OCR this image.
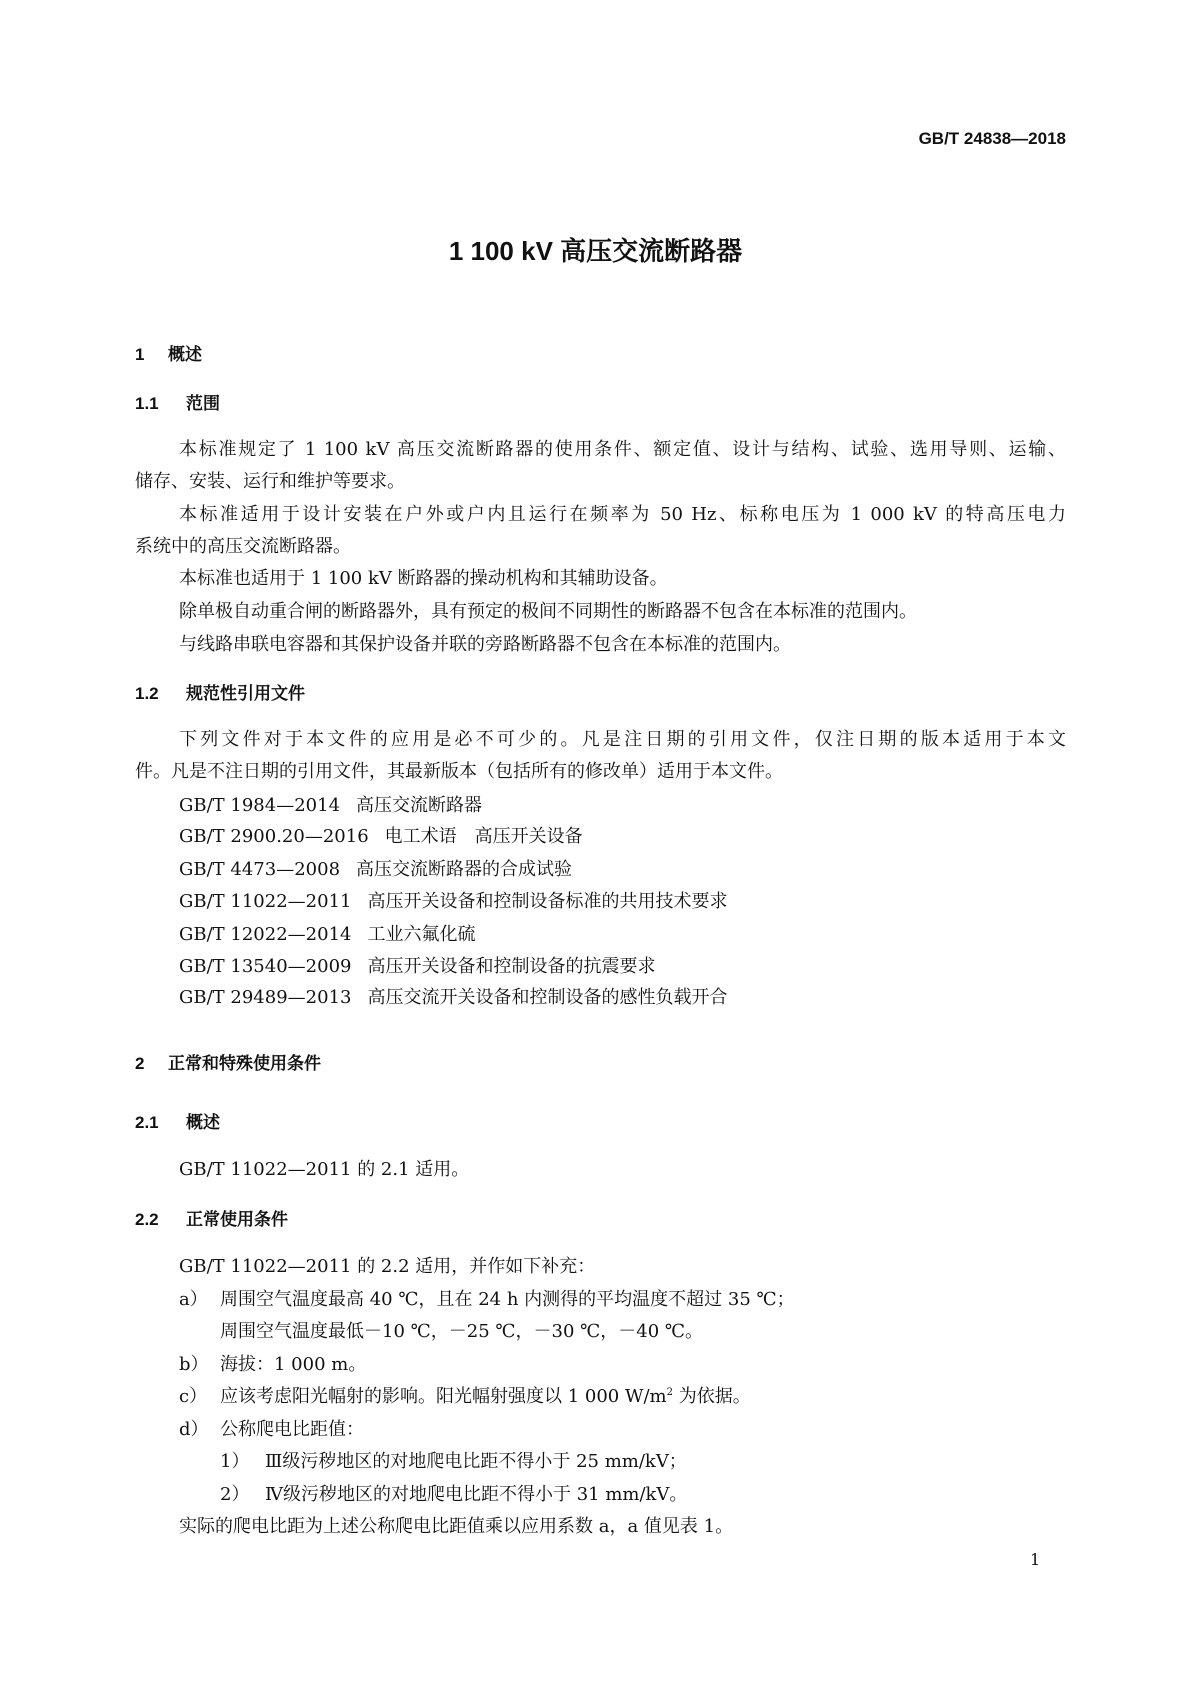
GB/T 24838—2018
1 100 kV 高压交流断路器
1 概述
1.1 范围
本标准规定了 1 100 kV 高压交流断路器的使用条件、额定值、设计与结构、试验、选用导则、运输、
储存、安装、运行和维护等要求。
本标准适用于设计安装在户外或户内且运行在频率为 50 Hz、标称电压为 1 000 kV 的特高压电力
系统中的高压交流断路器。
本标准也适用于 1 100 kV 断路器的操动机构和其辅助设备。
除单极自动重合闸的断路器外，具有预定的极间不同期性的断路器不包含在本标准的范围内。
与线路串联电容器和其保护设备并联的旁路断路器不包含在本标准的范围内。
1.2 规范性引用文件
下列文件对于本文件的应用是必不可少的。凡是注日期的引用文件，仅注日期的版本适用于本文
件。凡是不注日期的引用文件，其最新版本（包括所有的修改单）适用于本文件。
GB/T 1984—2014 高压交流断路器
GB/T 2900.20—2016 电工术语　高压开关设备
GB/T 4473—2008 高压交流断路器的合成试验
GB/T 11022—2011 高压开关设备和控制设备标准的共用技术要求
GB/T 12022—2014 工业六氟化硫
GB/T 13540—2009 高压开关设备和控制设备的抗震要求
GB/T 29489—2013 高压交流开关设备和控制设备的感性负载开合
2 正常和特殊使用条件
2.1 概述
GB/T 11022—2011 的 2.1 适用。
2.2 正常使用条件
GB/T 11022—2011 的 2.2 适用，并作如下补充：
a） 周围空气温度最高 40 ℃，且在 24 h 内测得的平均温度不超过 35 ℃；
周围空气温度最低－10 ℃，－25 ℃，－30 ℃，－40 ℃。
b） 海拔：1 000 m。
c） 应该考虑阳光幅射的影响。阳光幅射强度以 1 000 $W/m^2$ 为依据。
d） 公称爬电比距值：
1） Ⅲ级污秽地区的对地爬电比距不得小于 25 mm/kV；
2） Ⅳ级污秽地区的对地爬电比距不得小于 31 mm/kV。
实际的爬电比距为上述公称爬电比距值乘以应用系数 a，a 值见表 1。
1
